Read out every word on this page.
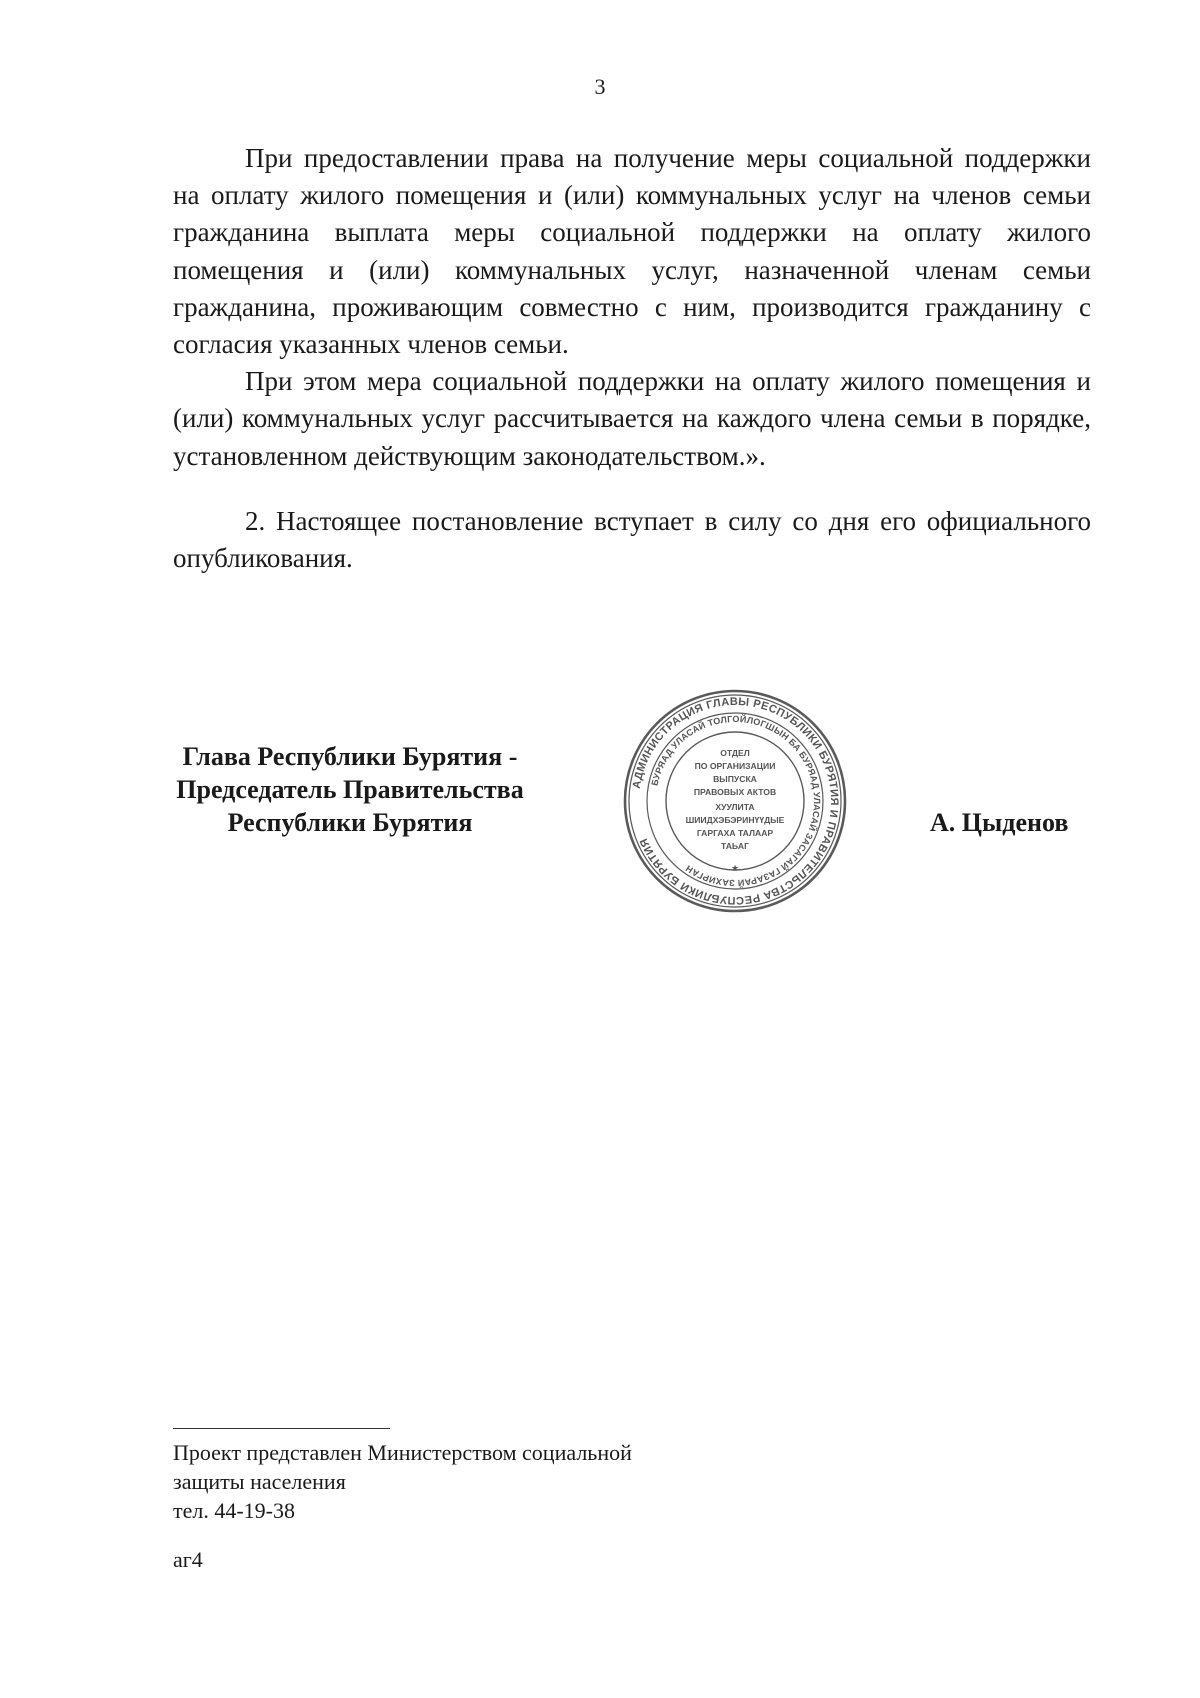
3

При предоставлении права на получение меры социальной поддержки на оплату жилого помещения и (или) коммунальных услуг на членов семьи гражданина выплата меры социальной поддержки на оплату жилого помещения и (или) коммунальных услуг, назначенной членам семьи гражданина, проживающим совместно с ним, производится гражданину с согласия указанных членов семьи.

При этом мера социальной поддержки на оплату жилого помещения и (или) коммунальных услуг рассчитывается на каждого члена семьи в порядке, установленном действующим законодательством.».

2. Настоящее постановление вступает в силу со дня его официального опубликования.

Глава Республики Бурятия -
Председатель Правительства
Республики Бурятия
АДМИНИСТРАЦИЯ ГЛАВЫ РЕСПУБЛИКИ БУРЯТИЯ И ПРАВИТЕЛЬСТВА РЕСПУБЛИКИ БУРЯТИЯ
БУРЯАД УЛАСАЙ ТОЛГОЙЛОГШЫН БА БУРЯАД УЛАСАЙ ЗАСАГАЙ ГАЗАРАЙ ЗАХИРГАН
ОТДЕЛ
ПО ОРГАНИЗАЦИИ
ВЫПУСКА
ПРАВОВЫХ АКТОВ
ХУУЛИТА
ШИИДХЭБЭРИНҮҮДЫЕ
ГАРГАХА ТАЛААР
ТАЬАГ
★
А. Цыденов
Проект представлен Министерством социальной
защиты населения
тел. 44-19-38
аг4
